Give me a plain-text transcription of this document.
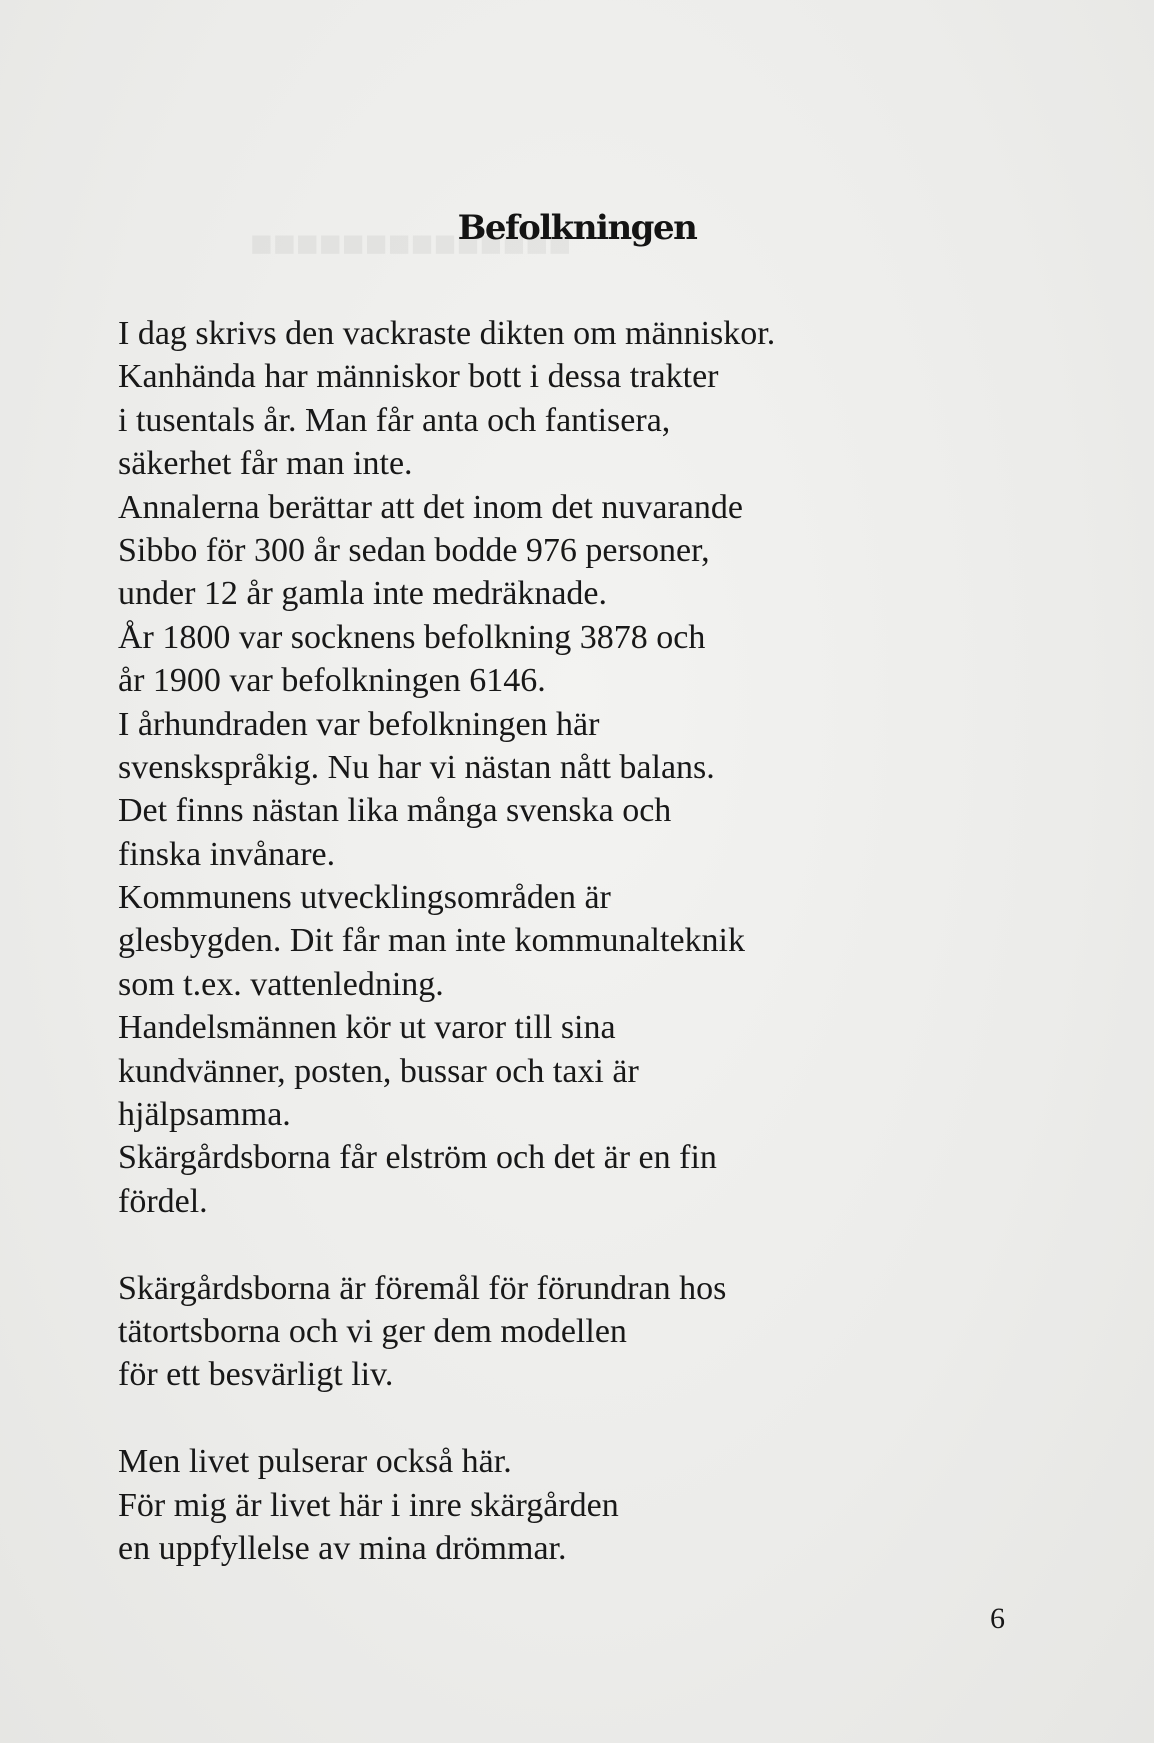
Befolkningen
I dag skrivs den vackraste dikten om människor.
Kanhända har människor bott i dessa trakter
i tusentals år. Man får anta och fantisera,
säkerhet får man inte.
Annalerna berättar att det inom det nuvarande
Sibbo för 300 år sedan bodde 976 personer,
under 12 år gamla inte medräknade.
År 1800 var socknens befolkning 3878 och
år 1900 var befolkningen 6146.
I århundraden var befolkningen här
svenskspråkig. Nu har vi nästan nått balans.
Det finns nästan lika många svenska och
finska invånare.
Kommunens utvecklingsområden är
glesbygden. Dit får man inte kommunalteknik
som t.ex. vattenledning.
Handelsmännen kör ut varor till sina
kundvänner, posten, bussar och taxi är
hjälpsamma.
Skärgårdsborna får elström och det är en fin
fördel.
Skärgårdsborna är föremål för förundran hos
tätortsborna och vi ger dem modellen
för ett besvärligt liv.
Men livet pulserar också här.
För mig är livet här i inre skärgården
en uppfyllelse av mina drömmar.
6
